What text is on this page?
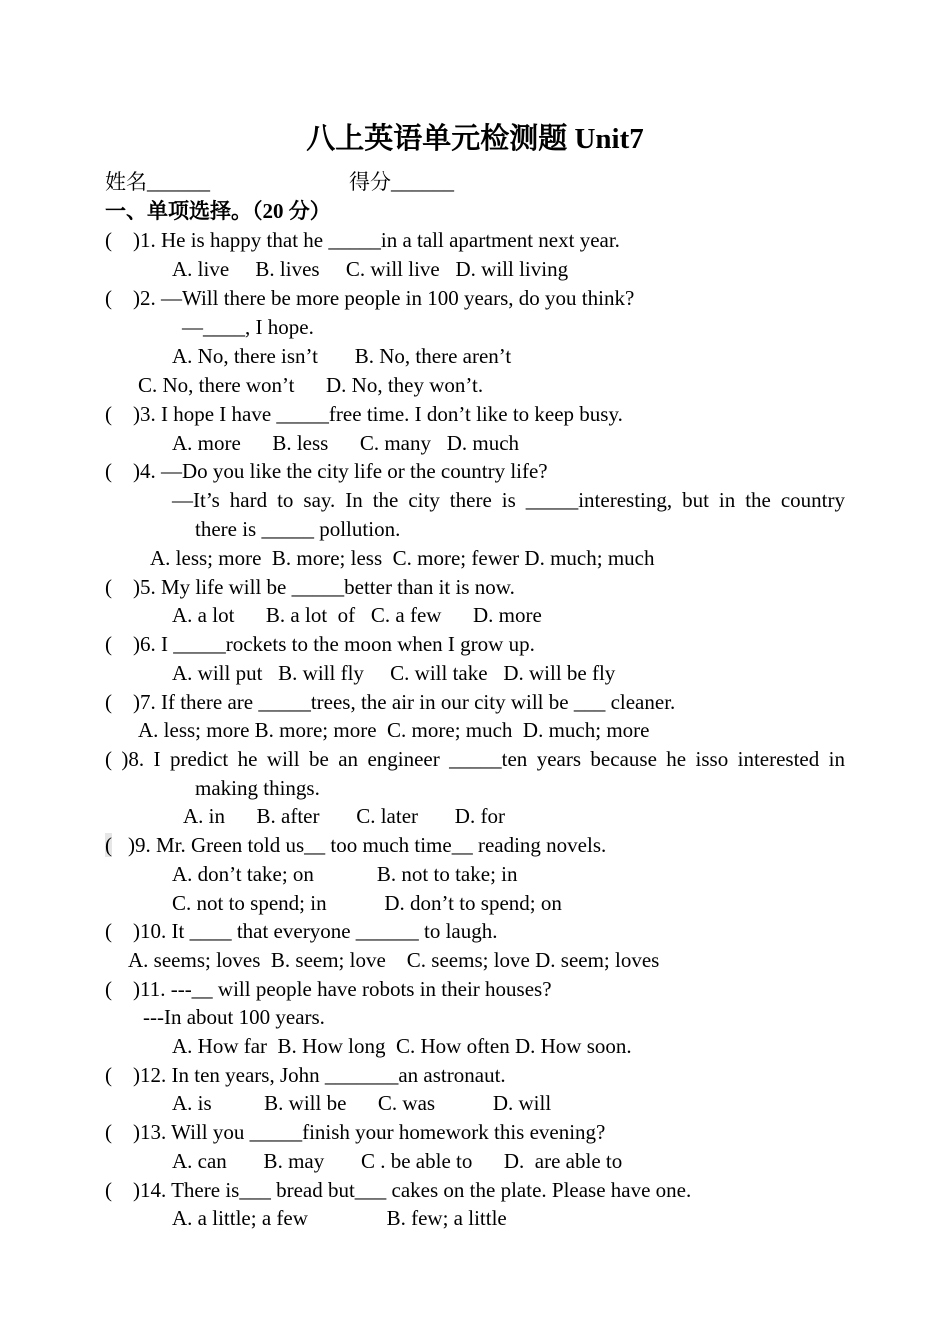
八上英语单元检测题 Unit7
姓名______	得分______
一、单项选择。（20 分）
(    )1. He is happy that he _____in a tall apartment next year.
A. live     B. lives     C. will live   D. will living
(    )2. —Will there be more people in 100 years, do you think?
—____, I hope.
A. No, there isn’t       B. No, there aren’t
C. No, there won’t      D. No, they won’t.
(    )3. I hope I have _____free time. I don’t like to keep busy.
A. more      B. less      C. many   D. much
(    )4. —Do you like the city life or the country life?
—It’s hard to say. In the city there is _____interesting, but in the country
there is _____ pollution.
A. less; more  B. more; less  C. more; fewer D. much; much
(    )5. My life will be _____better than it is now.
A. a lot      B. a lot  of   C. a few      D. more
(    )6. I _____rockets to the moon when I grow up.
A. will put   B. will fly     C. will take   D. will be fly
(    )7. If there are _____trees, the air in our city will be ___ cleaner.
A. less; more B. more; more  C. more; much  D. much; more
( )8. I predict he will be an engineer _____ten years because he isso interested in
making things.
A. in      B. after       C. later       D. for
( )9. Mr. Green told us__ too much time__ reading novels.
A. don’t take; on            B. not to take; in
C. not to spend; in           D. don’t to spend; on
(    )10. It ____ that everyone ______ to laugh.
A. seems; loves  B. seem; love    C. seems; love D. seem; loves
(    )11. ---__ will people have robots in their houses?
---In about 100 years.
A. How far  B. How long  C. How often D. How soon.
(    )12. In ten years, John _______an astronaut.
A. is          B. will be      C. was           D. will
(    )13. Will you _____finish your homework this evening?
A. can       B. may       C . be able to      D.  are able to
(    )14. There is___ bread but___ cakes on the plate. Please have one.
A. a little; a few               B. few; a little
